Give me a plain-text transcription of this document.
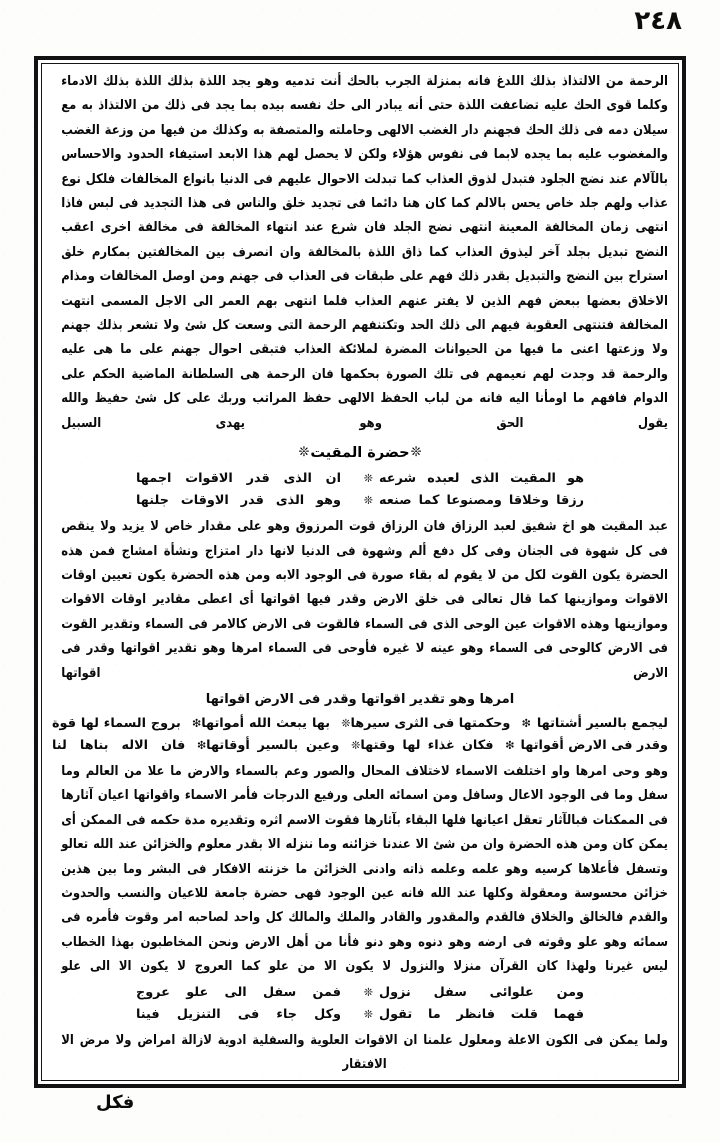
٢٤٨

الرحمة من الالتذاذ بذلك اللدغ فانه بمنزلة الجرب بالحك أنت تدميه وهو يجد اللذة بذلك اللذة بذلك الادماء وكلما قوى الحك عليه تضاعفت اللذة حتى أنه يبادر الى حك نفسه بيده بما يجد فى ذلك من الالتذاذ به مع سيلان دمه فى ذلك الحك فجهنم دار الغضب الالهى وحاملته والمتصفة به وكذلك من فيها من وزعة الغضب والمغضوب عليه بما يجده لابما فى نفوس هؤلاء ولكن لا يحصل لهم هذا الابعد استيفاء الحدود والاحساس بالآلام عند نضج الجلود فتبدل لذوق العذاب كما تبدلت الاحوال عليهم فى الدنيا بانواع المخالفات فلكل نوع عذاب ولهم جلد خاص يحس بالالم كما كان هنا دائما فى تجديد خلق والناس فى هذا التجديد فى لبس فاذا انتهى زمان المخالفة المعينة انتهى نضج الجلد فان شرع عند انتهاء المخالفة فى مخالفة اخرى اعقب النضج تبديل بجلد آخر ليذوق العذاب كما ذاق اللذة بالمخالفة وان انصرف بين المخالفتين بمكارم خلق استراح بين النضج والتبديل بقدر ذلك فهم على طبقات فى العذاب فى جهنم ومن اوصل المخالفات ومذام الاخلاق بعضها ببعض فهم الذين لا يفتر عنهم العذاب فلما انتهى بهم العمر الى الاجل المسمى انتهت المخالفة فتنتهى العقوبة فيهم الى ذلك الحد وتكتنفهم الرحمة التى وسعت كل شئ ولا تشعر بذلك جهنم ولا وزعتها اعنى ما فيها من الحيوانات المضرة لملائكة العذاب فتبقى احوال جهنم على ما هى عليه والرحمة قد وجدت لهم نعيمهم فى تلك الصورة بحكمها فان الرحمة هى السلطانة الماضية الحكم على الدوام فافهم ما اومأنا اليه فانه من لباب الحفظ الالهى حفظ المراتب وربك على كل شئ حفيظ والله يقول الحق وهو يهدى السبيل

❊حضرة المقيت❊
هو المقيت الذى لعبده شرعه
❊
ان الذى قدر الاقوات اجمها
رزقا وخلاقا ومصنوعا كما صنعه
❊
وهو الذى قدر الاوقات جلنها

عبد المقيت هو اخ شفيق لعبد الرزاق فان الرزاق قوت المرزوق وهو على مقدار خاص لا يزيد ولا ينقص فى كل شهوة فى الجنان وفى كل دفع ألم وشهوة فى الدنيا لانها دار امتزاج ونشأة امشاج فمن هذه الحضرة يكون القوت لكل من لا يقوم له بقاء صورة فى الوجود الابه ومن هذه الحضرة يكون تعيين اوقات الاقوات وموازينها كما قال تعالى فى خلق الارض وقدر فيها اقواتها أى اعطى مقادير اوقات الاقوات وموازينها وهذه الاقوات عين الوحى الذى فى السماء فالقوت فى الارض كالامر فى السماء وتقدير القوت فى الارض كالوحى فى السماء وهو عينه لا غيره فأوحى فى السماء امرها وهو تقدير اقواتها وقدر فى الارض اقواتها

امرها وهو تقدير اقواتها وقدر فى الارض اقواتها
ليجمع بالسير أشتاتها
❇
وحكمتها فى الثرى سيرها
❊
بها يبعث الله أمواتها
❇
بروج السماء لها قوة
وقدر فى الارض أقواتها
❇
فكان غذاء لها وقتها
❊
وعين بالسير أوقاتها
❇
فان الاله بناها لنا

وهو وحى امرها واو اختلفت الاسماء لاختلاف المحال والصور وعم بالسماء والارض ما علا من العالم وما سفل وما فى الوجود الاعال وسافل ومن اسمائه العلى ورفيع الدرجات فأمر الاسماء واقواتها اعيان آثارها فى الممكنات فبالآثار تعقل اعيانها فلها البقاء بآثارها فقوت الاسم اثره وتقديره مدة حكمه فى الممكن أى يمكن كان ومن هذه الحضرة وان من شئ الا عندنا خزائنه وما ننزله الا بقدر معلوم والخزائن عند الله تعالو وتسفل فأعلاها كرسيه وهو علمه وعلمه ذاته وادنى الخزائن ما خزنته الافكار فى البشر وما بين هذين خزائن محسوسة ومعقولة وكلها عند الله فانه عين الوجود فهى حضرة جامعة للاعيان والنسب والحدوث والقدم فالخالق والخلاق فالقدم والمقدور والقادر والملك والمالك كل واحد لصاحبه امر وقوت فأمره فى سمائه وهو علو وقوته فى ارضه وهو دنوه وهو دنو فأنا من أهل الارض ونحن المخاطبون بهذا الخطاب ليس غيرنا ولهذا كان القرآن منزلا والنزول لا يكون الا من علو كما العروج لا يكون الا الى علو

ومن علوائى سفل نزول
❊
فمن سفل الى علو عروج
فهما قلت فانظر ما تقول
❊
وكل جاء فى التنزيل فينا

ولما يمكن فى الكون الاعلة ومعلول علمنا ان الاقوات العلوية والسفلية ادوية لازالة امراض ولا مرض الا الافتقار

فكل
